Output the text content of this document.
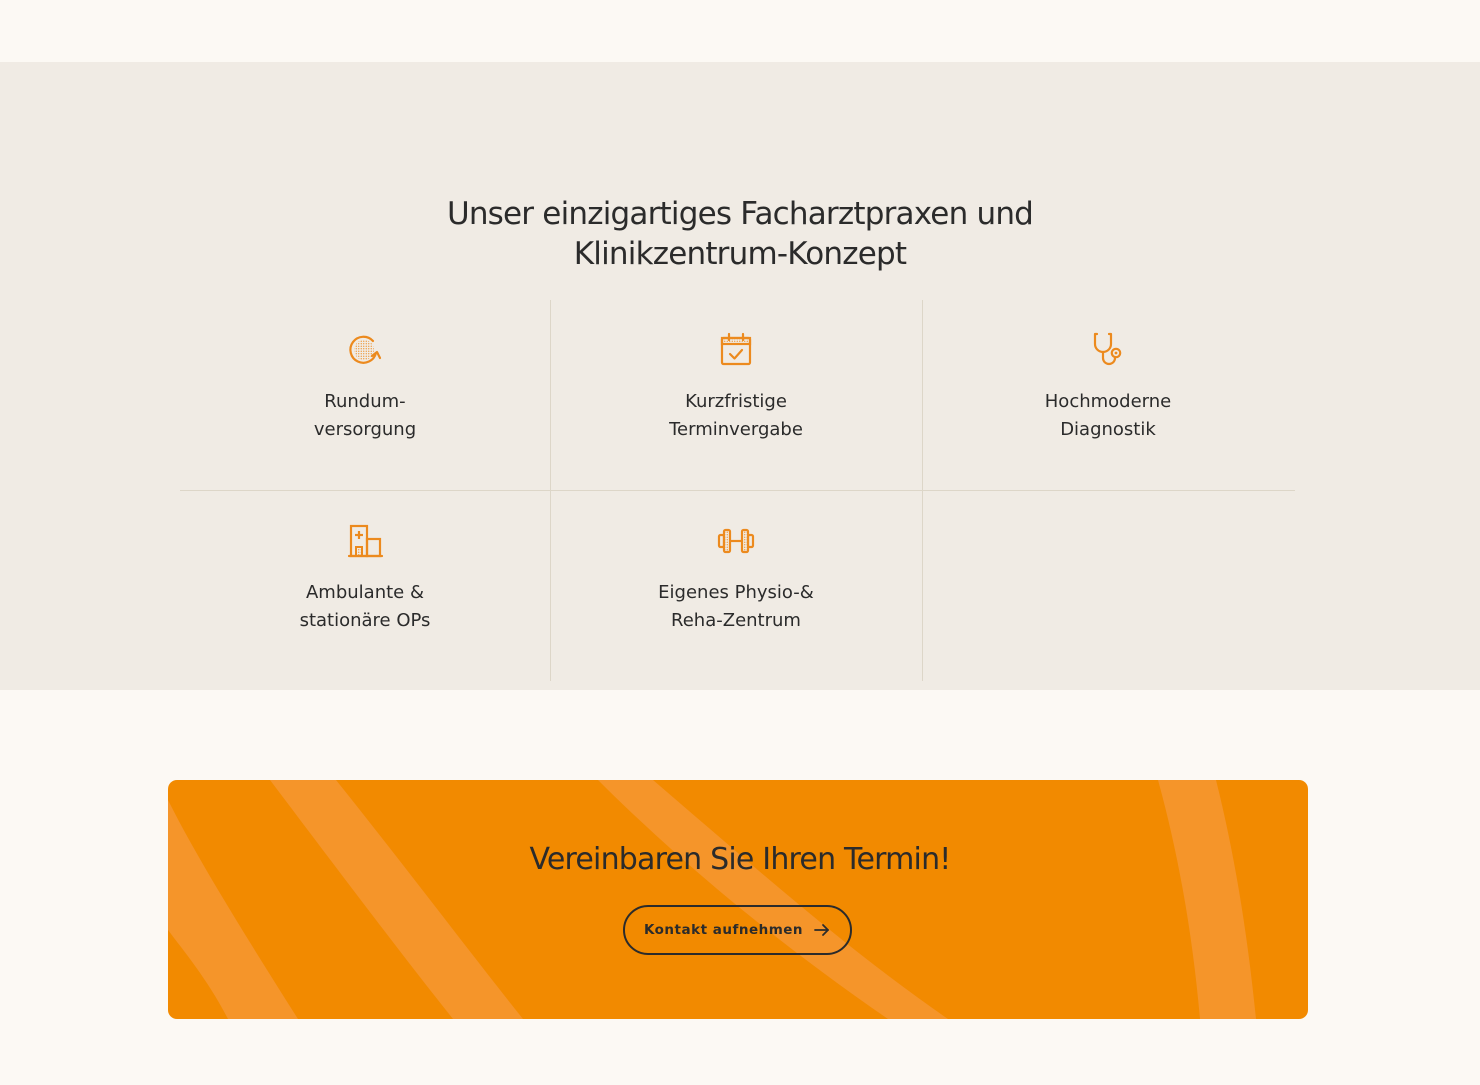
Unser einzigartiges Facharztpraxen und
Klinikzentrum-Konzept
Rundum-
versorgung
Kurzfristige
Terminvergabe
Hochmoderne
Diagnostik
Ambulante &
stationäre OPs
Eigenes Physio-&
Reha-Zentrum
Vereinbaren Sie Ihren Termin!
Kontakt aufnehmen
